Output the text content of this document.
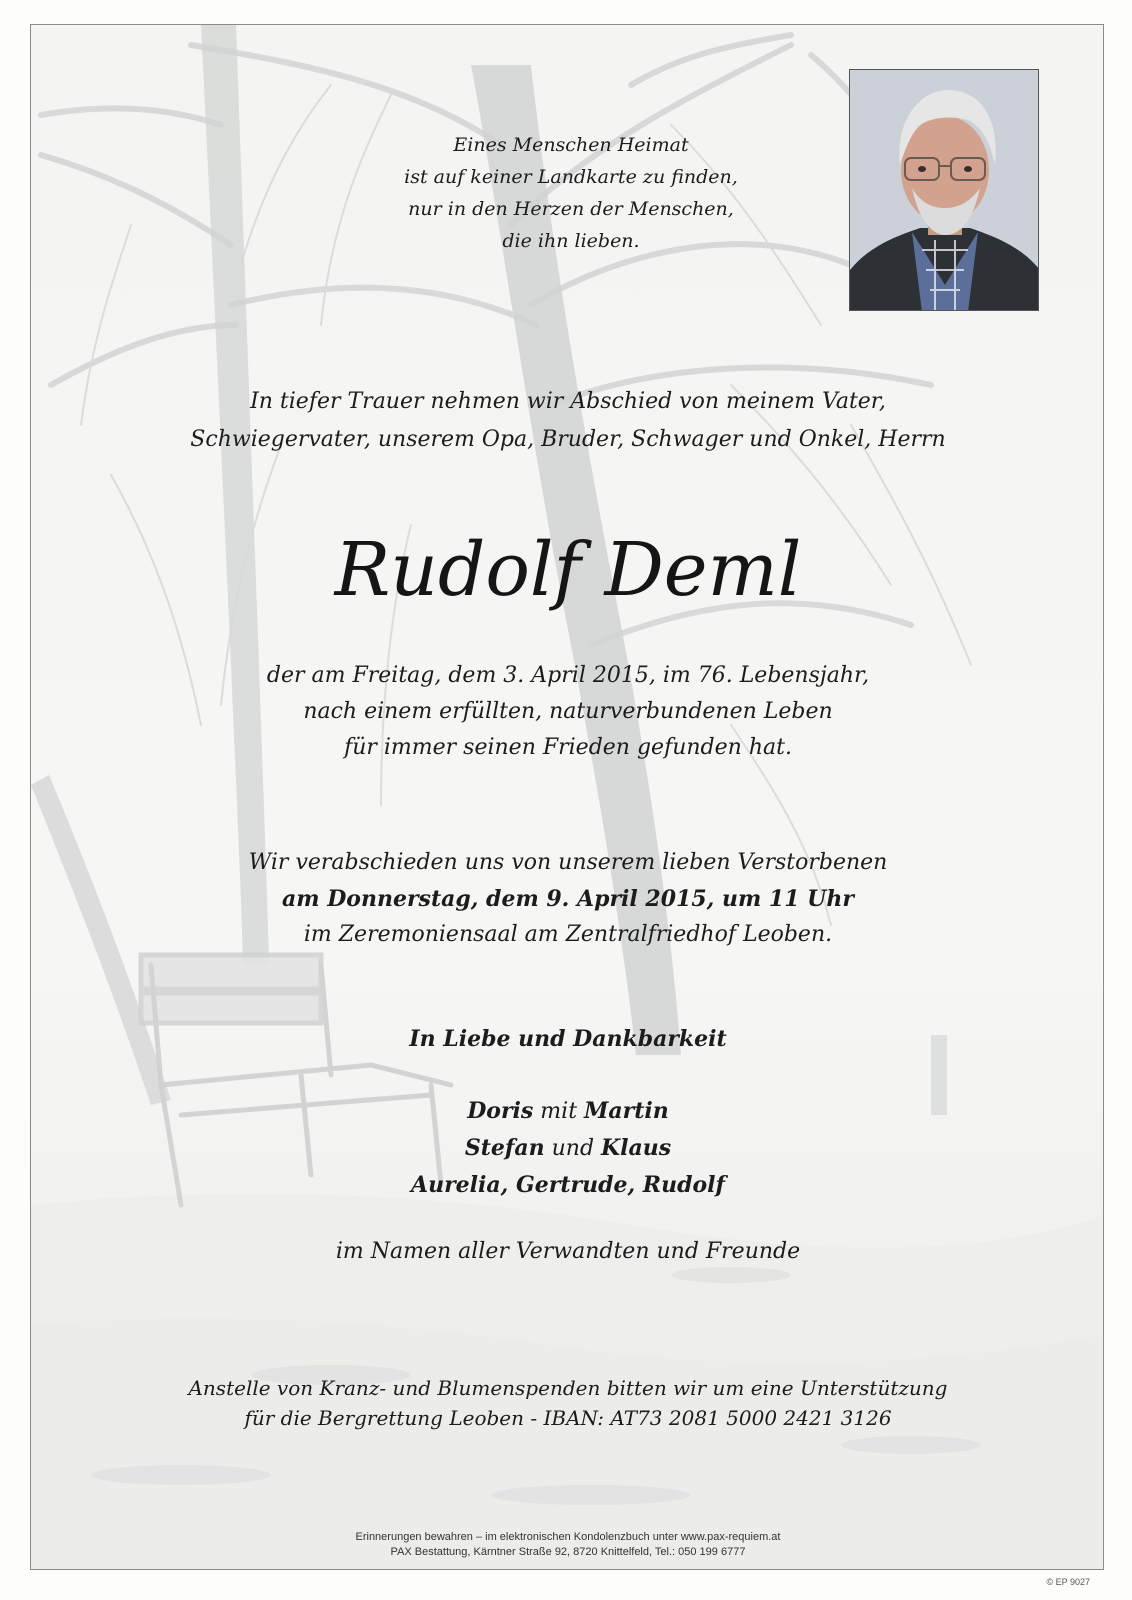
Eines Menschen Heimat
ist auf keiner Landkarte zu finden,
nur in den Herzen der Menschen,
die ihn lieben.
In tiefer Trauer nehmen wir Abschied von meinem Vater,
Schwiegervater, unserem Opa, Bruder, Schwager und Onkel, Herrn
Rudolf Deml
der am Freitag, dem 3. April 2015, im 76. Lebensjahr,
nach einem erfüllten, naturverbundenen Leben
für immer seinen Frieden gefunden hat.
Wir verabschieden uns von unserem lieben Verstorbenen
am Donnerstag, dem 9. April 2015, um 11 Uhr
im Zeremoniensaal am Zentralfriedhof Leoben.
In Liebe und Dankbarkeit
Doris mit Martin
Stefan und Klaus
Aurelia, Gertrude, Rudolf
im Namen aller Verwandten und Freunde
Anstelle von Kranz- und Blumenspenden bitten wir um eine Unterstützung
für die Bergrettung Leoben - IBAN: AT73 2081 5000 2421 3126
Erinnerungen bewahren – im elektronischen Kondolenzbuch unter www.pax-requiem.at
PAX Bestattung, Kärntner Straße 92, 8720 Knittelfeld, Tel.: 050 199 6777
© EP 9027
